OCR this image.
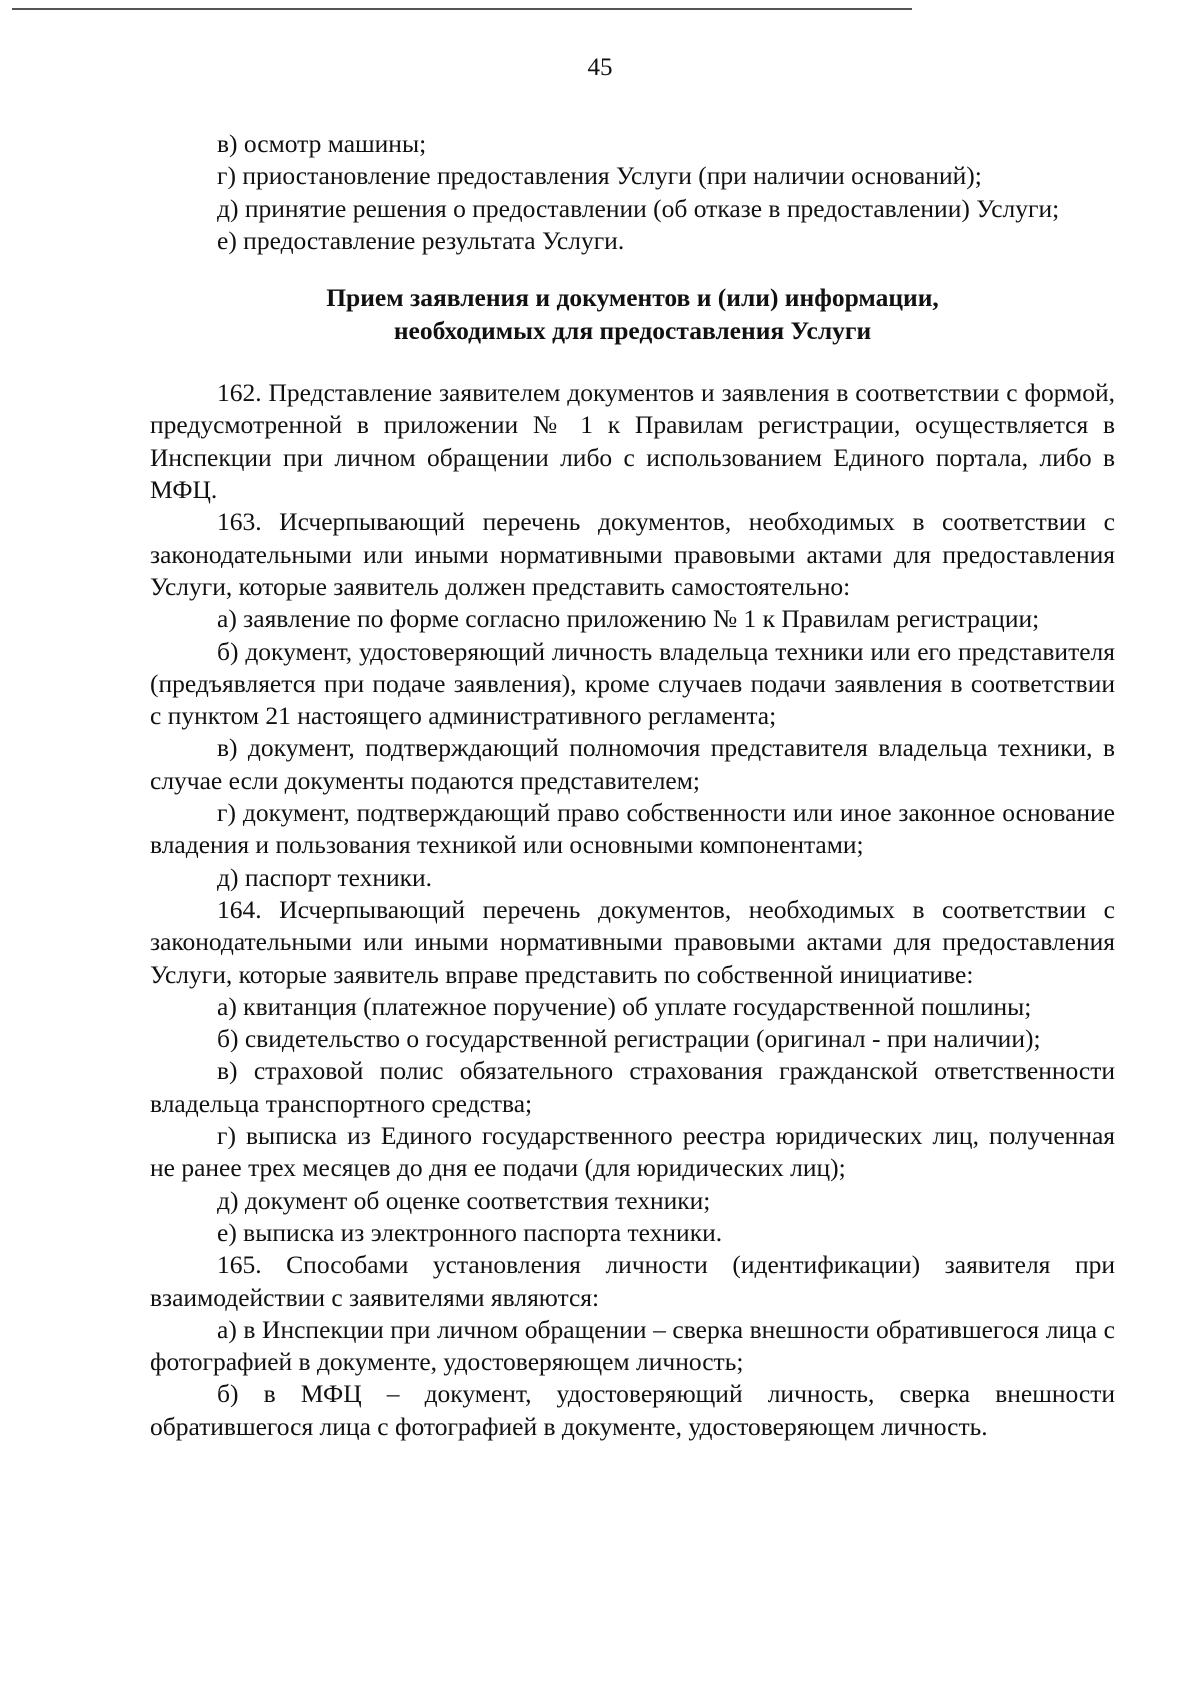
45

в) осмотр машины;

г) приостановление предоставления Услуги (при наличии оснований);

д) принятие решения о предоставлении (об отказе в предоставлении) Услуги;

е) предоставление результата Услуги.

Прием заявления и документов и (или) информации,
необходимых для предоставления Услуги

162. Представление заявителем документов и заявления в соответствии с формой, предусмотренной в приложении № 1 к Правилам регистрации, осуществляется в Инспекции при личном обращении либо с использованием Единого портала, либо в МФЦ.

163. Исчерпывающий перечень документов, необходимых в соответствии с законодательными или иными нормативными правовыми актами для предоставления Услуги, которые заявитель должен представить самостоятельно:

а) заявление по форме согласно приложению № 1 к Правилам регистрации;

б) документ, удостоверяющий личность владельца техники или его представителя (предъявляется при подаче заявления), кроме случаев подачи заявления в соответствии с пунктом 21 настоящего административного регламента;

в) документ, подтверждающий полномочия представителя владельца техники, в случае если документы подаются представителем;

г) документ, подтверждающий право собственности или иное законное основание владения и пользования техникой или основными компонентами;

д) паспорт техники.

164. Исчерпывающий перечень документов, необходимых в соответствии с законодательными или иными нормативными правовыми актами для предоставления Услуги, которые заявитель вправе представить по собственной инициативе:

а) квитанция (платежное поручение) об уплате государственной пошлины;

б) свидетельство о государственной регистрации (оригинал - при наличии);

в) страховой полис обязательного страхования гражданской ответственности владельца транспортного средства;

г) выписка из Единого государственного реестра юридических лиц, полученная не ранее трех месяцев до дня ее подачи (для юридических лиц);

д) документ об оценке соответствия техники;

е) выписка из электронного паспорта техники.

165. Способами установления личности (идентификации) заявителя при взаимодействии с заявителями являются:

а) в Инспекции при личном обращении – сверка внешности обратившегося лица с фотографией в документе, удостоверяющем личность;

б) в МФЦ – документ, удостоверяющий личность, сверка внешности обратившегося лица с фотографией в документе, удостоверяющем личность.
